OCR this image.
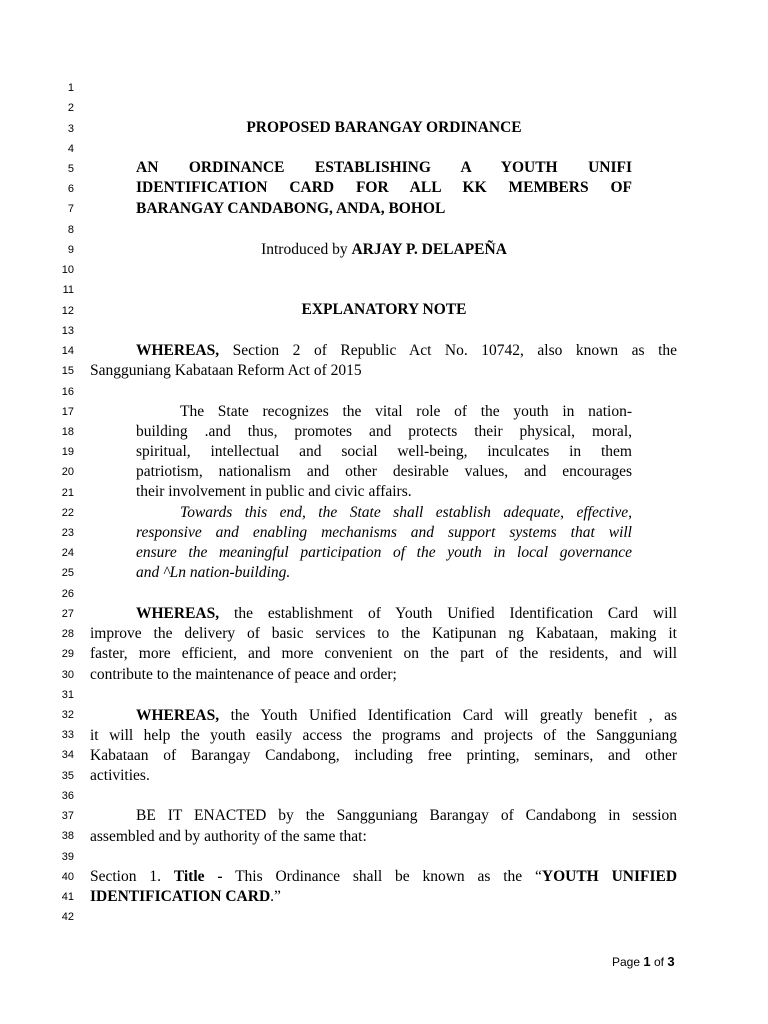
1
2
3
4
5
6
7
8
9
10
11
12
13
14
15
16
17
18
19
20
21
22
23
24
25
26
27
28
29
30
31
32
33
34
35
36
37
38
39
40
41
42
PROPOSED BARANGAY ORDINANCE
AN ORDINANCE ESTABLISHING A YOUTH UNIFI
IDENTIFICATION CARD FOR ALL KK MEMBERS OF
BARANGAY CANDABONG, ANDA, BOHOL
Introduced by ARJAY P. DELAPEÑA
EXPLANATORY NOTE
WHEREAS, Section 2 of Republic Act No. 10742, also known as the
Sangguniang Kabataan Reform Act of 2015
The State recognizes the vital role of the youth in nation-
building .and thus, promotes and protects their physical, moral,
spiritual, intellectual and social well-being, inculcates in them
patriotism, nationalism and other desirable values, and encourages
their involvement in public and civic affairs.
Towards this end, the State shall establish adequate, effective,
responsive and enabling mechanisms and support systems that will
ensure the meaningful participation of the youth in local governance
and ^Ln nation-building.
WHEREAS, the establishment of Youth Unified Identification Card will
improve the delivery of basic services to the Katipunan ng Kabataan, making it
faster, more efficient, and more convenient on the part of the residents, and will
contribute to the maintenance of peace and order;
WHEREAS, the Youth Unified Identification Card will greatly benefit , as
it will help the youth easily access the programs and projects of the Sangguniang
Kabataan of Barangay Candabong, including free printing, seminars, and other
activities.
BE IT ENACTED by the Sangguniang Barangay of Candabong in session
assembled and by authority of the same that:
Section 1. Title - This Ordinance shall be known as the “YOUTH UNIFIED
IDENTIFICATION CARD.”
Page 1 of 3
